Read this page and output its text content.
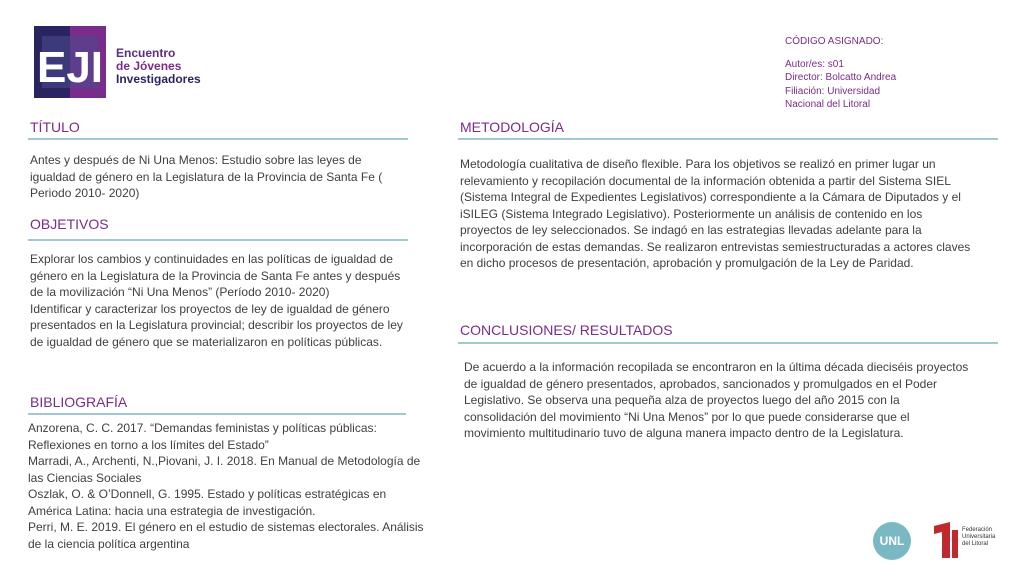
EJI Encuentro
de Jóvenes
Investigadores
CÓDIGO ASIGNADO:
Autor/es: s01
Director: Bolcatto Andrea
Filiación: Universidad
Nacional del Litoral
TÍTULO
Antes y después de Ni Una Menos: Estudio sobre las leyes de
igualdad de género en la Legislatura de la Provincia de Santa Fe (
Periodo 2010- 2020)
OBJETIVOS
Explorar los cambios y continuidades en las políticas de igualdad de
género en la Legislatura de la Provincia de Santa Fe antes y después
de la movilización “Ni Una Menos” (Período 2010- 2020)
Identificar y caracterizar los proyectos de ley de igualdad de género
presentados en la Legislatura provincial; describir los proyectos de ley
de igualdad de género que se materializaron en políticas públicas.
BIBLIOGRAFÍA

Anzorena, C. C. 2017. “Demandas feministas y políticas públicas:

Reflexiones en torno a los límites del Estado”

Marradi, A., Archenti, N.,Piovani, J. I. 2018. En Manual de Metodología de

las Ciencias Sociales

Oszlak, O. & O’Donnell, G. 1995. Estado y políticas estratégicas en

América Latina: hacia una estrategia de investigación.

Perri, M. E. 2019. El género en el estudio de sistemas electorales. Análisis

de la ciencia política argentina

METODOLOGÍA
Metodología cualitativa de diseño flexible. Para los objetivos se realizó en primer lugar un
relevamiento y recopilación documental de la información obtenida a partir del Sistema SIEL
(Sistema Integral de Expedientes Legislativos) correspondiente a la Cámara de Diputados y el
iSILEG (Sistema Integrado Legislativo). Posteriormente un análisis de contenido en los
proyectos de ley seleccionados. Se indagó en las estrategias llevadas adelante para la
incorporación de estas demandas. Se realizaron entrevistas semiestructuradas a actores claves
en dicho procesos de presentación, aprobación y promulgación de la Ley de Paridad.
CONCLUSIONES/ RESULTADOS
De acuerdo a la información recopilada se encontraron en la última década dieciséis proyectos
de igualdad de género presentados, aprobados, sancionados y promulgados en el Poder
Legislativo. Se observa una pequeña alza de proyectos luego del año 2015 con la
consolidación del movimiento “Ni Una Menos” por lo que puede considerarse que el
movimiento multitudinario tuvo de alguna manera impacto dentro de la Legislatura.
UNL
Federación
Universitaria
del Litoral
